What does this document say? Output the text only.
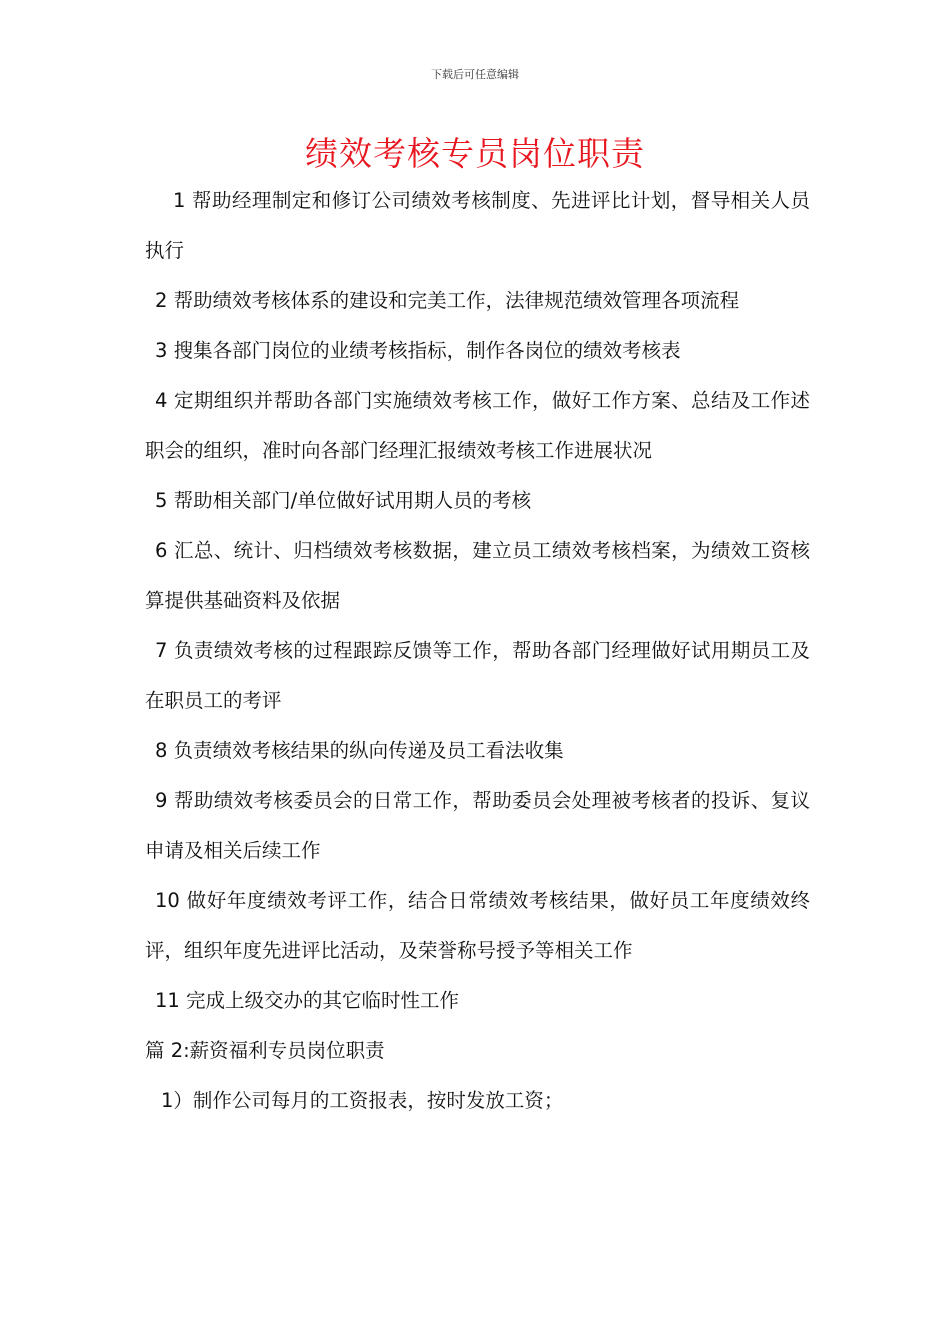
下载后可任意编辑
绩效考核专员岗位职责

1 帮助经理制定和修订公司绩效考核制度、先进评比计划，督导相关人员执行

2 帮助绩效考核体系的建设和完美工作，法律规范绩效管理各项流程

3 搜集各部门岗位的业绩考核指标，制作各岗位的绩效考核表

4 定期组织并帮助各部门实施绩效考核工作，做好工作方案、总结及工作述职会的组织，准时向各部门经理汇报绩效考核工作进展状况

5 帮助相关部门/单位做好试用期人员的考核

6 汇总、统计、归档绩效考核数据，建立员工绩效考核档案，为绩效工资核算提供基础资料及依据

7 负责绩效考核的过程跟踪反馈等工作，帮助各部门经理做好试用期员工及在职员工的考评

8 负责绩效考核结果的纵向传递及员工看法收集

9 帮助绩效考核委员会的日常工作，帮助委员会处理被考核者的投诉、复议申请及相关后续工作

10 做好年度绩效考评工作，结合日常绩效考核结果，做好员工年度绩效终评，组织年度先进评比活动，及荣誉称号授予等相关工作

11 完成上级交办的其它临时性工作

篇 2:薪资福利专员岗位职责

1）制作公司每月的工资报表，按时发放工资；
